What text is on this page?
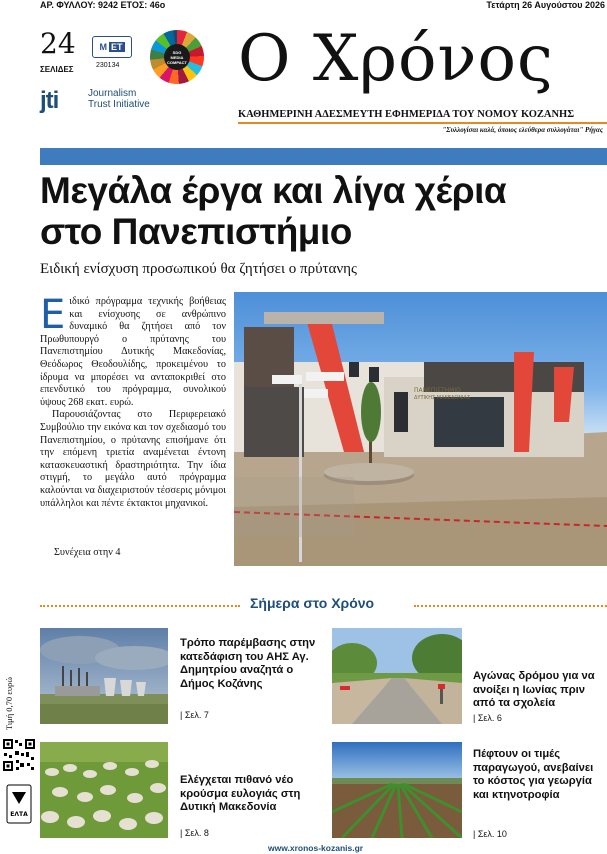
ΑΡ. ΦΥΛΛΟΥ: 9242 ΕΤΟΣ: 46ο	Τετάρτη 26 Αυγούστου 2026
24
ΣΕΛΙΔΕΣ
Μ ΕΤ
230134
SDG
MEDIA
COMPACT
jti	Journalism
Trust Initiative
Ο Χρόνος
ΚΑΘΗΜΕΡΙΝΗ ΑΔΕΣΜΕΥΤΗ ΕΦΗΜΕΡΙΔΑ ΤΟΥ ΝΟΜΟΥ ΚΟΖΑΝΗΣ
"Συλλογίσαι καλά, όποιος ελεύθερα συλλογάται" Ρήγας
Μεγάλα έργα και λίγα χέρια
στο Πανεπιστήμιο
Ειδική ενίσχυση προσωπικού θα ζητήσει ο πρύτανης

Ειδικό πρόγραμμα τεχνικής βοήθειας και ενίσχυσης σε ανθρώπινο δυναμικό θα ζητήσει από τον Πρωθυπουργό ο πρύτανης του Πανεπιστημίου Δυτικής Μακεδονίας, Θεόδωρος Θεοδουλίδης, προκειμένου το ίδρυμα να μπορέσει να ανταποκριθεί στο επενδυτικό του πρόγραμμα, συνολικού ύψους 268 εκατ. ευρώ.

Παρουσιάζοντας στο Περιφερειακό Συμβούλιο την εικόνα και τον σχεδιασμό του Πανεπιστημίου, ο πρύτανης επισήμανε ότι την επόμενη τριετία αναμένεται έντονη κατασκευαστική δραστηριότητα. Την ίδια στιγμή, το μεγάλο αυτό πρόγραμμα καλούνται να διαχειριστούν τέσσερις μόνιμοι υπάλληλοι και πέντε έκτακτοι μηχανικοί.

Συνέχεια στην 4
ΠΑΝΕΠΙΣΤΗΜΙΟ
ΔΥΤΙΚΗΣ ΜΑΚΕΔΟΝΙΑΣ
Σήμερα στο Χρόνο
Τιμή 0,70 ευρώ
ΕΛΤΑ
Τρόπο παρέμβασης στην κατεδάφιση του ΑΗΣ Αγ. Δημητρίου αναζητά ο Δήμος Κοζάνης
| Σελ. 7
Αγώνας δρόμου για να ανοίξει η Ιωνίας πριν από τα σχολεία
| Σελ. 6
Ελέγχεται πιθανό νέο κρούσμα ευλογιάς στη Δυτική Μακεδονία
| Σελ. 8
Πέφτουν οι τιμές παραγωγού, ανεβαίνει το κόστος για γεωργία και κτηνοτροφία
| Σελ. 10
www.xronos-kozanis.gr
